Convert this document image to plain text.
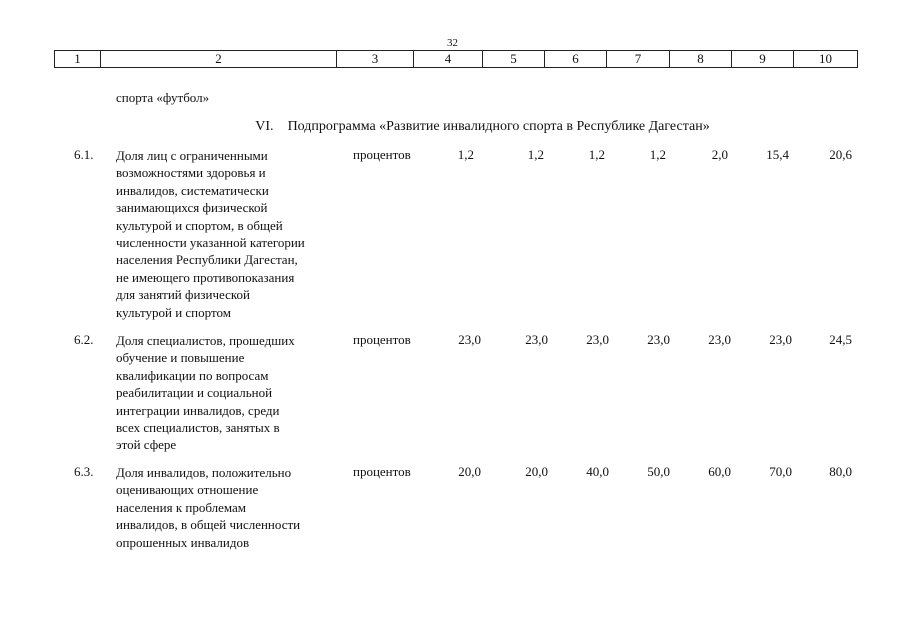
32
1	2	3	4	5	6	7	8	9	10
спорта «футбол»
VI. Подпрограмма «Развитие инвалидного спорта в Республике Дагестан»
6.1. Доля лиц с ограниченными
возможностями здоровья и
инвалидов, систематически
занимающихся физической
культурой и спортом, в общей
численности указанной категории
населения Республики Дагестан,
не имеющего противопоказания
для занятий физической
культурой и спортом
процентов	1,2	1,2	1,2	1,2	2,0	15,4	20,6
6.2. Доля специалистов, прошедших
обучение и повышение
квалификации по вопросам
реабилитации и социальной
интеграции инвалидов, среди
всех специалистов, занятых в
этой сфере
процентов	23,0	23,0	23,0	23,0	23,0	23,0	24,5
6.3. Доля инвалидов, положительно
оценивающих отношение
населения к проблемам
инвалидов, в общей численности
опрошенных инвалидов
процентов	20,0	20,0	40,0	50,0	60,0	70,0	80,0
